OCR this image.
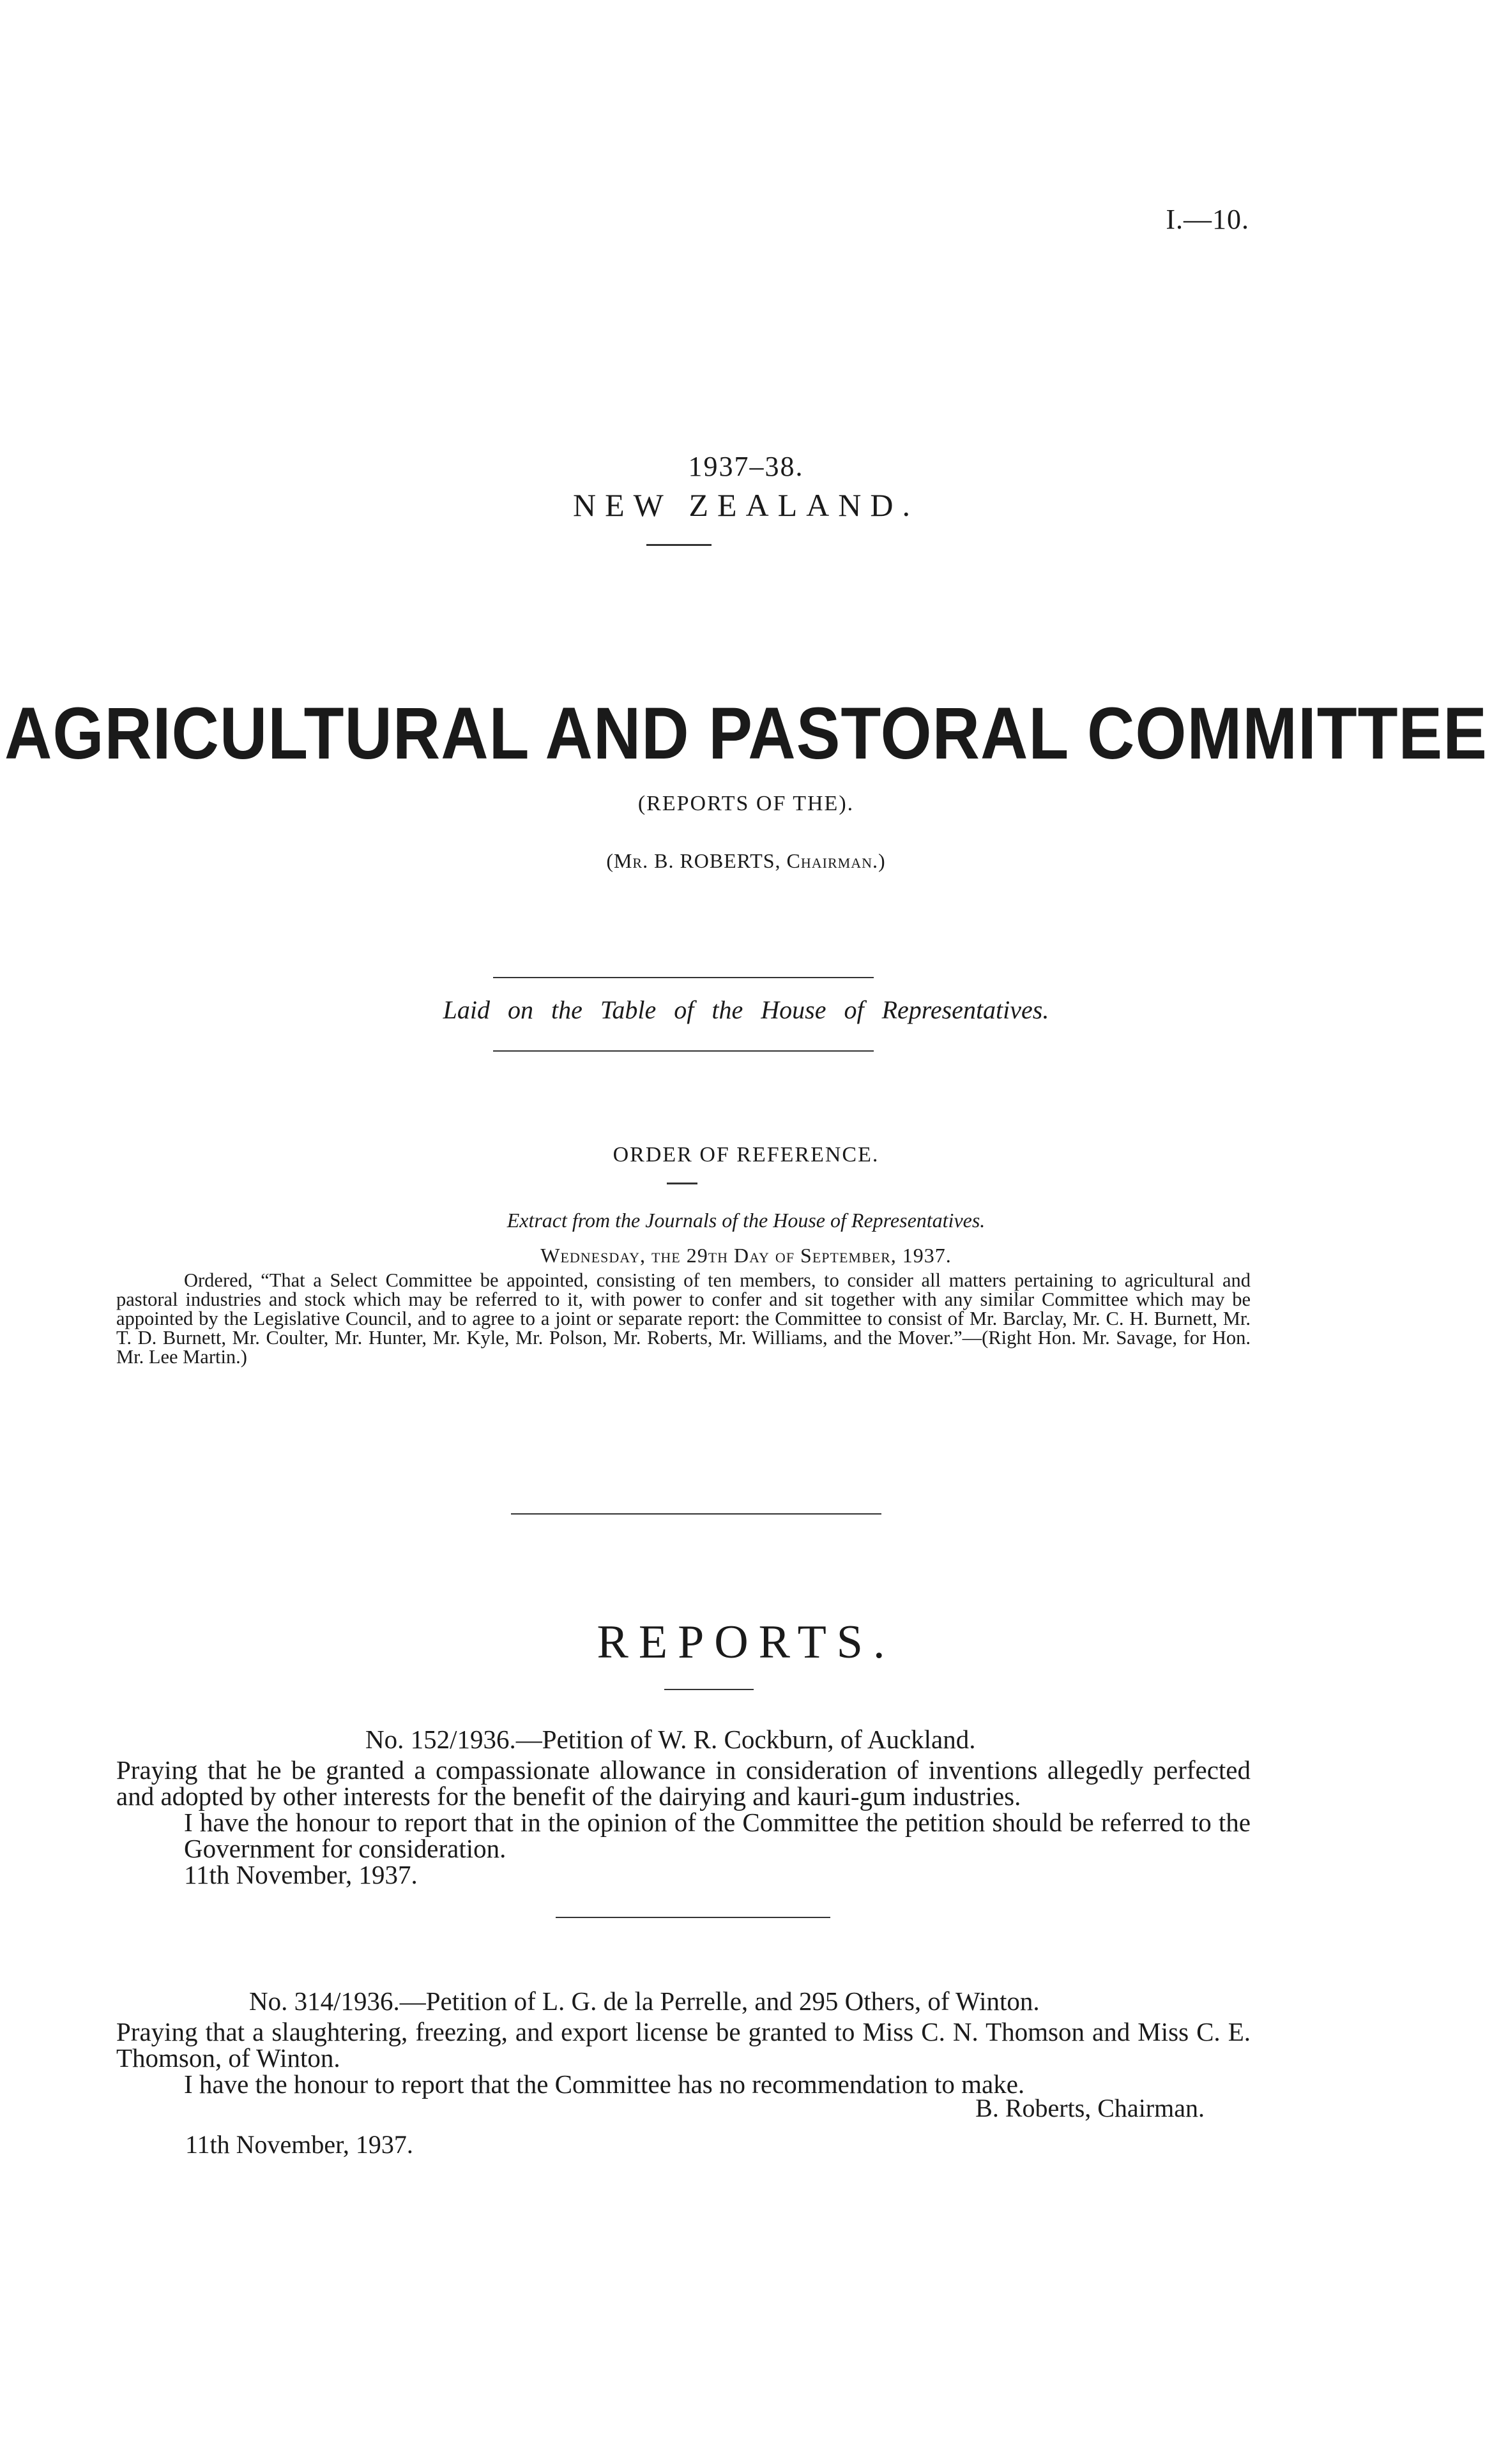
I.—10.
1937–38.
NEW ZEALAND.
AGRICULTURAL AND PASTORAL COMMITTEE
(REPORTS OF THE).
(Mr. B. ROBERTS, Chairman.)
Laid on the Table of the House of Representatives.
ORDER OF REFERENCE.
Extract from the Journals of the House of Representatives.
Wednesday, the 29th Day of September, 1937.
Ordered, “That a Select Committee be appointed, consisting of ten members, to consider all matters pertaining to agricultural and pastoral industries and stock which may be referred to it, with power to confer and sit together with any similar Committee which may be appointed by the Legislative Council, and to agree to a joint or separate report: the Committee to consist of Mr. Barclay, Mr. C. H. Burnett, Mr. T. D. Burnett, Mr. Coulter, Mr. Hunter, Mr. Kyle, Mr. Polson, Mr. Roberts, Mr. Williams, and the Mover.”—(Right Hon. Mr. Savage, for Hon. Mr. Lee Martin.)
REPORTS.
No. 152/1936.—Petition of W. R. Cockburn, of Auckland.
Praying that he be granted a compassionate allowance in consideration of inventions allegedly perfected and adopted by other interests for the benefit of the dairying and kauri-gum industries.
I have the honour to report that in the opinion of the Committee the petition should be referred to the Government for consideration.
11th November, 1937.
No. 314/1936.—Petition of L. G. de la Perrelle, and 295 Others, of Winton.
Praying that a slaughtering, freezing, and export license be granted to Miss C. N. Thomson and Miss C. E. Thomson, of Winton.
I have the honour to report that the Committee has no recommendation to make.
B. Roberts, Chairman.
11th November, 1937.
